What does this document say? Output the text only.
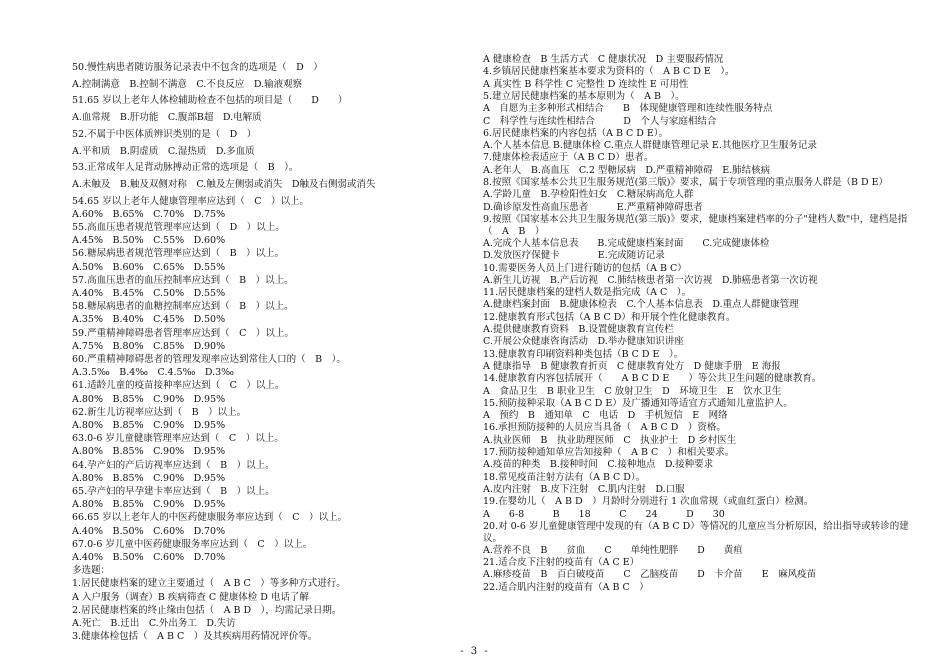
50.慢性病患者随访服务记录表中不包含的选项是（　D　）
A.控制满意　B.控制不满意　C.不良反应　D.输液观察
51.65 岁以上老年人体检辅助检查不包括的项目是（　　D　　）
A.血常规　B.肝功能　C.腹部B超　D.电解质
52.不属于中医体质辨识类别的是（　D　）
A.平和质　B.阴虚质　C.湿热质　D.多血质
53.正常成年人足背动脉搏动正常的选项是（　B　）。
A.未触及　B.触及双侧对称　C.触及左侧弱或消失　D触及右侧弱或消失
54.65 岁以上老年人健康管理率应达到（　C　）以上。
A.60%　B.65%　C.70%　D.75%
55.高血压患者规范管理率应达到（　D　）以上。
A.45%　B.50%　C.55%　D.60%
56.糖尿病患者规范管理率应达到（　B　）以上。
A.50%　B.60%　C.65%　D.55%
57.高血压患者的血压控制率应达到（　B　）以上。
A.40%　B.45%　C.50%　D.55%
58.糖尿病患者的血糖控制率应达到（　B　）以上。
A.35%　B.40%　C.45%　D.50%
59.严重精神障碍患者管理率应达到（　C　）以上。
A.75%　B.80%　C.85%　D.90%
60.严重精神障碍患者的管理发现率应达到常住人口的（　B　）。
A.3.5‰　B.4‰　C.4.5‰　D.3‰
61.适龄儿童的疫苗接种率应达到（　C　）以上。
A.80%　B.85%　C.90%　D.95%
62.新生儿访视率应达到（　B　）以上。
A.80%　B.85%　C.90%　D.95%
63.0-6 岁儿童健康管理率应达到（　C　）以上。
A.80%　B.85%　C.90%　D.95%
64.孕产妇的产后访视率应达到（　B　）以上。
A.80%　B.85%　C.90%　D.95%
65.孕产妇的早孕建卡率应达到（　B　）以上。
A.80%　B.85%　C.90%　D.95%
66.65 岁以上老年人的中医药健康服务率应达到（　C　）以上。
A.40%　B.50%　C.60%　D.70%
67.0-6 岁儿童中医药健康服务率应达到（　C　）以上。
A.40%　B.50%　C.60%　D.70%
多选题：
1.居民健康档案的建立主要通过（　A B C　）等多种方式进行。
A 入户服务（调查）B 疾病筛查 C 健康体检 D 电话了解
2.居民健康档案的终止缘由包括（　A B D　），均需记录日期。
A.死亡　B.迁出　C.外出务工　D.失访
3.健康体检包括（　A B C　）及其疾病用药情况评价等。
A 健康检查　B 生活方式　C 健康状况　D 主要服药情况
4.乡镇居民健康档案基本要求为资料的（　A B C D E　）。
A 真实性 B 科学性 C 完整性 D 连续性 E 可用性
5.建立居民健康档案的基本原则为（　A B　）。
A　自愿为主多种形式相结合　　B　体现健康管理和连续性服务特点
C　科学性与连续性相结合　　　D　个人与家庭相结合
6.居民健康档案的内容包括（A B C D E）。
A.个人基本信息 B.健康体检 C.重点人群健康管理记录 E.其他医疗卫生服务记录
7.健康体检表适应于（A B C D）患者。
A.老年人　B.高血压　C.2 型糖尿病　D.严重精神障碍　E.肺结核病
8.按照《国家基本公共卫生服务规范(第三版)》要求，属于专项管理的重点服务人群是（B D E）
A.学龄儿童　B.孕检阳性妇女　C.糖尿病高危人群
D.确诊原发性高血压患者　　　E.严重精神障碍患者
9.按照《国家基本公共卫生服务规范(第三版)》要求，健康档案建档率的分子"建档人数"中，建档是指（　A　B　）
A.完成个人基本信息表　　B.完成健康档案封面　　C.完成健康体检
D.发放医疗保健卡　　　　E.完成随访记录
10.需要医务人员上门进行随访的包括（A B C）
A.新生儿访视　B.产后访视　C.肺结核患者第一次访视　D.肺癌患者第一次访视
11.居民健康档案的建档人数是指完成（A C　）。
A.健康档案封面　B.健康体检表　C.个人基本信息表　D.重点人群健康管理
12.健康教育形式包括（A B C D）和开展个性化健康教育。
A.提供健康教育资料　B.设置健康教育宣传栏
C.开展公众健康咨询活动　D.举办健康知识讲座
13.健康教育印刷资料种类包括（B C D E　）。
A 健康指导　B 健康教育折页　C 健康教育处方　D 健康手册　E 海报
14.健康教育内容包括展开（　　A B C D E　　）等公共卫生问题的健康教育。
A　食品卫生　B 职业卫生　C 放射卫生　D　环境卫生　E　饮水卫生
15.预防接种采取（A B C D E）及广播通知等适宜方式通知儿童监护人。
A　预约　B　通知单　C　电话　D　手机短信　E　网络
16.承担预防接种的人员应当具备（　A B C D　）资格。
A.执业医师　B　执业助理医师　C　执业护士　D 乡村医生
17.预防接种通知单应告知接种（　A B C　）和相关要求。
A.疫苗的种类　B.接种时间　C.接种地点　D.接种要求
18.常见疫苗注射方法有（A B C D）。
A.皮内注射　B.皮下注射　C.肌内注射　D.口服
19.在婴幼儿（　A B D　）月龄时分别进行 1 次血常规（或血红蛋白）检测。
A　　6-8　　　B　　18　　　C　　24　　　D　　30
20.对 0-6 岁儿童健康管理中发现的有（A B C D）等情况的儿童应当分析原因，给出指导或转诊的建议。
A.营养不良　B　　贫血　　C　　单纯性肥胖　　D　　黄疸
21.适合皮下注射的疫苗有（A C E）
A.麻疹疫苗　B　百白破疫苗　　C　乙脑疫苗　　D　卡介苗　　E　麻风疫苗
22.适合肌内注射的疫苗有（A B C　）
- 3 -
